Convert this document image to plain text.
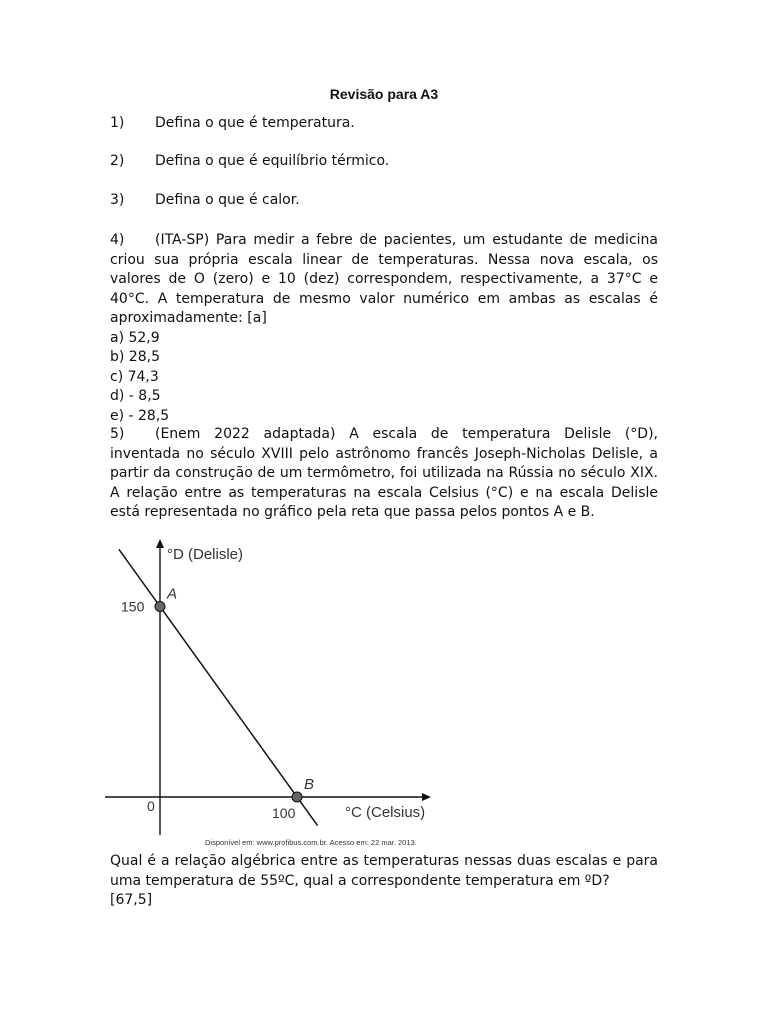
Revisão para A3
1) Defina o que é temperatura.
2) Defina o que é equilíbrio térmico.
3) Defina o que é calor.
4) (ITA-SP) Para medir a febre de pacientes, um estudante de medicina criou sua própria escala linear de temperaturas. Nessa nova escala, os valores de O (zero) e 10 (dez) correspondem, respectivamente, a 37°C e 40°C. A temperatura de mesmo valor numérico em ambas as escalas é aproximadamente: [a]
a) 52,9
b) 28,5
c) 74,3
d) - 8,5
e) - 28,5
5) (Enem 2022 adaptada) A escala de temperatura Delisle (°D), inventada no século XVIII pelo astrônomo francês Joseph-Nicholas Delisle, a partir da construção de um termômetro, foi utilizada na Rússia no século XIX. A relação entre as temperaturas na escala Celsius (°C) e na escala Delisle está representada no gráfico pela reta que passa pelos pontos A e B.
°D (Delisle)
°C (Celsius)
0
150
100
Disponível em: www.profibus.com.br. Acesso em: 22 mar. 2013.
A
B
Qual é a relação algébrica entre as temperaturas nessas duas escalas e para uma temperatura de 55ºC, qual a correspondente temperatura em ºD?
[67,5]
